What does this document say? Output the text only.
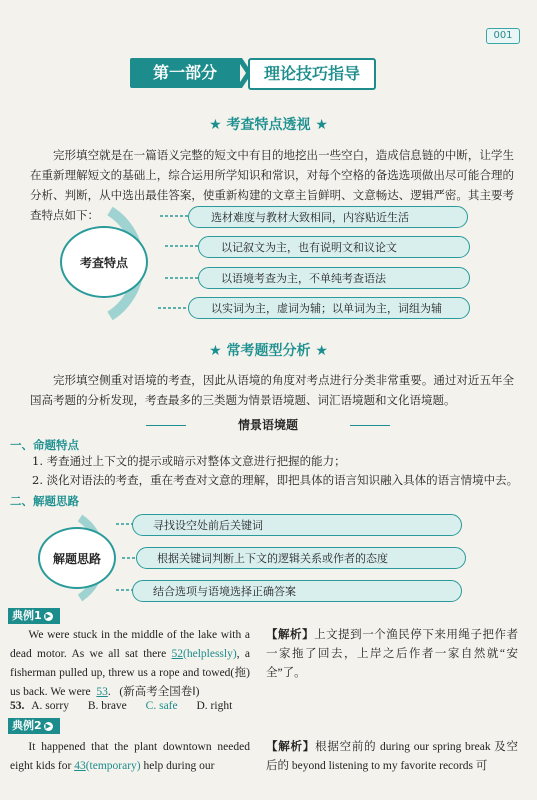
001
第一部分	理论技巧指导
★ 考查特点透视 ★
完形填空就是在一篇语义完整的短文中有目的地挖出一些空白，造成信息链的中断，让学生在重新理解短文的基础上，综合运用所学知识和常识，对每个空格的备选选项做出尽可能合理的分析、判断，从中选出最佳答案，使重新构建的文章主旨鲜明、文意畅达、逻辑严密。其主要考查特点如下：
考查特点
选材难度与教材大致相同，内容贴近生活
以记叙文为主，也有说明文和议论文
以语境考查为主，不单纯考查语法
以实词为主，虚词为辅；以单词为主，词组为辅
★ 常考题型分析 ★
完形填空侧重对语境的考查，因此从语境的角度对考点进行分类非常重要。通过对近五年全国高考题的分析发现，考查最多的三类题为情景语境题、词汇语境题和文化语境题。
情景语境题
一、命题特点
1. 考查通过上下文的提示或暗示对整体文意进行把握的能力；
2. 淡化对语法的考查，重在考查对文意的理解，即把具体的语言知识融入具体的语言情境中去。
二、解题思路
解题思路
寻找设空处前后关键词
根据关键词判断上下文的逻辑关系或作者的态度
结合选项与语境选择正确答案
典例1 ▶
We were stuck in the middle of the lake with a dead motor. As we all sat there 52(helplessly), a fisherman pulled up, threw us a rope and towed(拖) us back. We were  53. (新高考全国卷Ⅰ)
53. A. sorry B. brave C. safe D. right
【解析】上文提到一个渔民停下来用绳子把作者一家拖了回去，上岸之后作者一家自然就“安全”了。
典例2 ▶
It happened that the plant downtown needed eight kids for 43(temporary) help during our
【解析】根据空前的 during our spring break 及空后的 beyond listening to my favorite records 可
